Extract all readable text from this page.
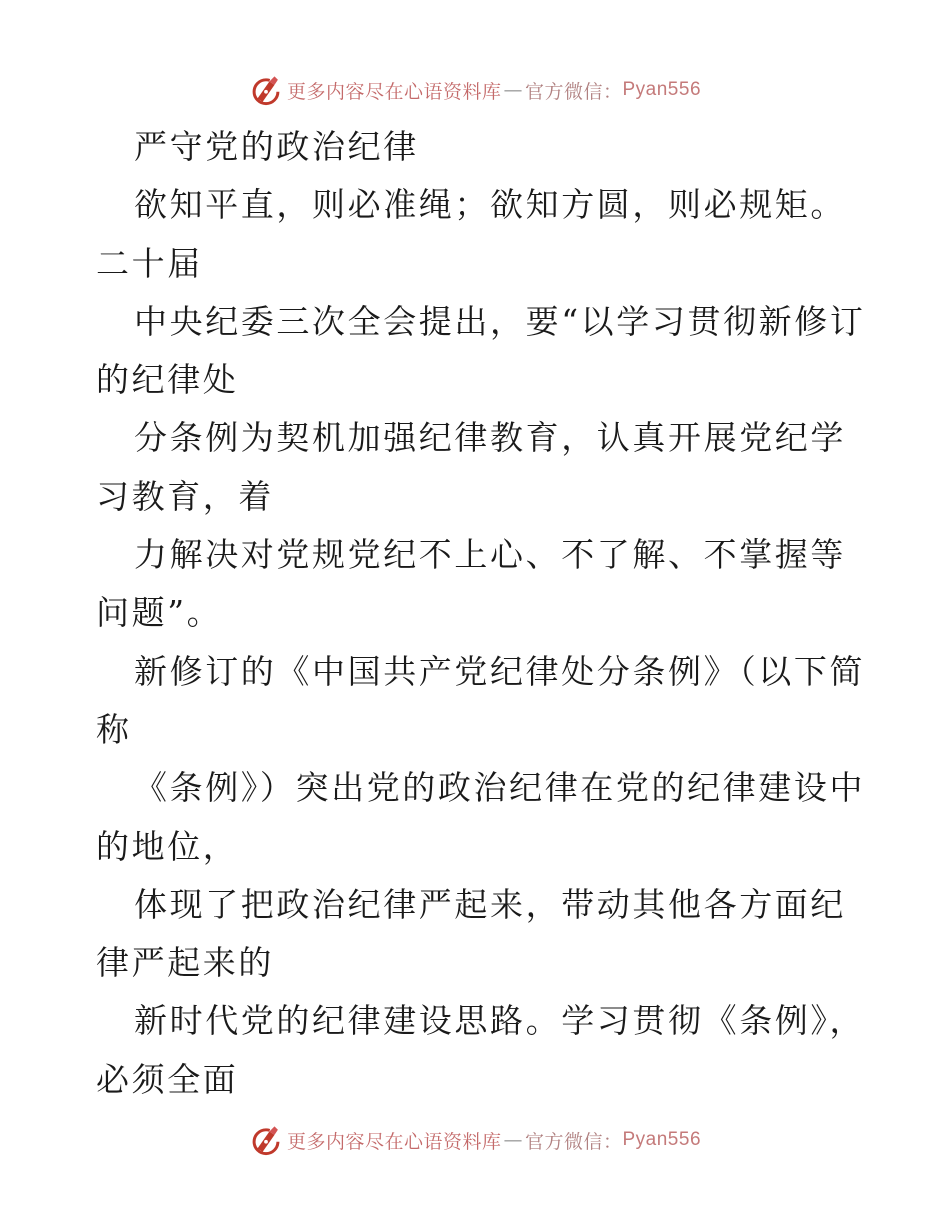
更多内容尽在心语资料库 — 官方微信： Pyan556

严守党的政治纪律

欲知平直，则必准绳；欲知方圆，则必规矩。二十届

中央纪委三次全会提出，要“以学习贯彻新修订的纪律处

分条例为契机加强纪律教育，认真开展党纪学习教育，着

力解决对党规党纪不上心、不了解、不掌握等问题”。

新修订的《中国共产党纪律处分条例》（以下简称

《条例》）突出党的政治纪律在党的纪律建设中的地位，

体现了把政治纪律严起来，带动其他各方面纪律严起来的

新时代党的纪律建设思路。学习贯彻《条例》，必须全面

更多内容尽在心语资料库 — 官方微信： Pyan556
